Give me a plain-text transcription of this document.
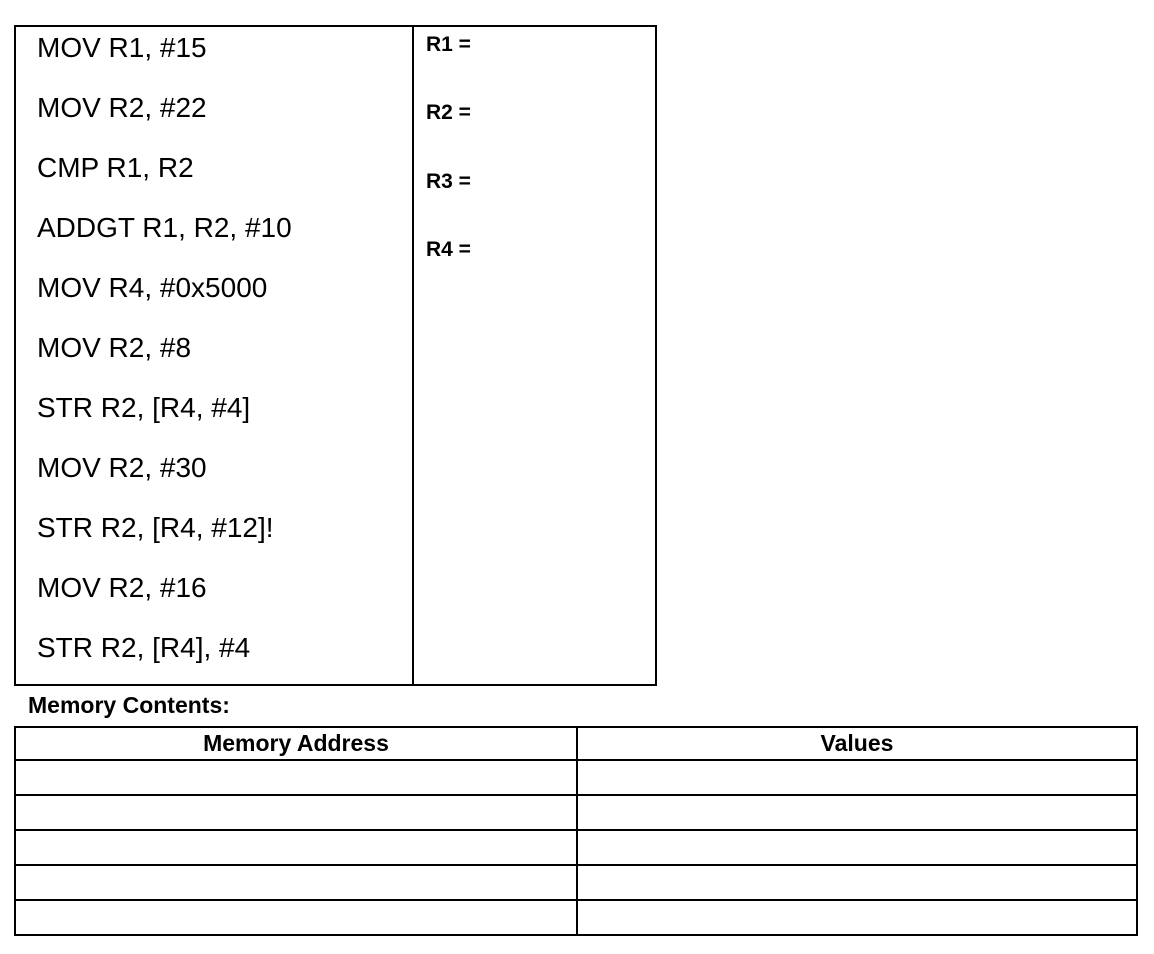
MOV R1, #15
MOV R2, #22
CMP R1, R2
ADDGT R1, R2, #10
MOV R4, #0x5000
MOV R2, #8
STR R2, [R4, #4]
MOV R2, #30
STR R2, [R4, #12]!
MOV R2, #16
STR R2, [R4], #4
R1 =
R2 =
R3 =
R4 =
Memory Contents:
Memory Address	Values
